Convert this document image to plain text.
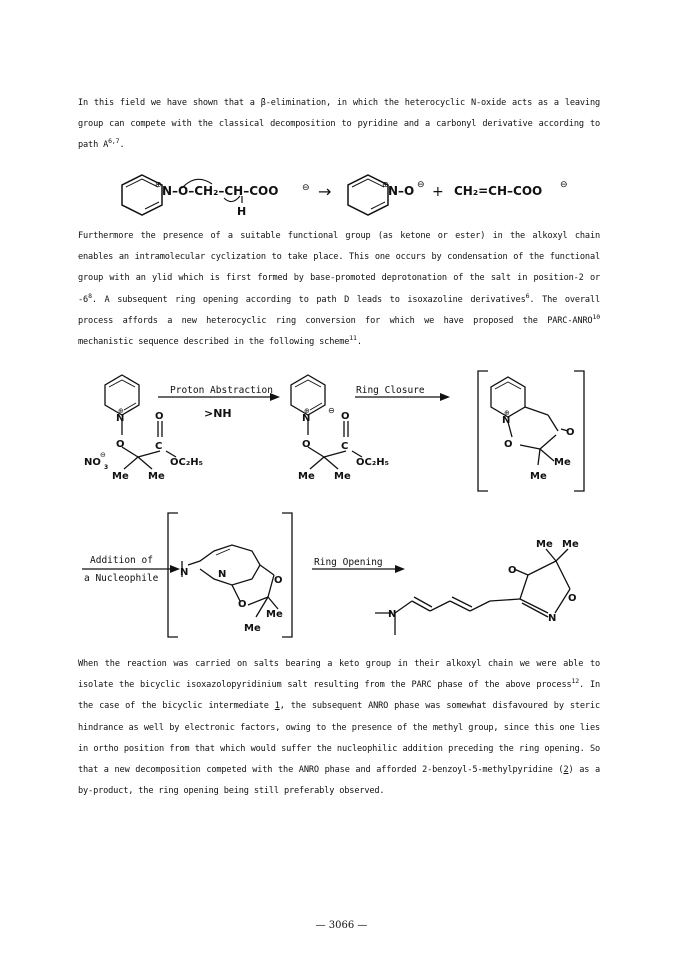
In this field we have shown that a β-elimination, in which the heterocyclic N-oxide acts as a leaving group can compete with the classical decomposition to pyridine and a carbonyl derivative according to path A$^{6,7}$.
N–O–CH₂–CH–COO
⊕	⊖
H
→	N–O
⊕	⊖ + CH₂=CH–COO ⊖
Furthermore the presence of a suitable functional group (as ketone or ester) in the alkoxyl chain enables an intramolecular cyclization to take place. This one occurs by condensation of the functional group with an ylid which is first formed by base-promoted deprotonation of the salt in position-2 or $-6^8$. A subsequent ring opening according to path D leads to isoxazoline derivatives$^6$. The overall process affords a new heterocyclic ring conversion for which we have proposed the PARC-ANRO$^{10}$ mechanistic sequence described in the following scheme$^{11}$.
Proton Abstraction
>NH
Ring Closure
Addition of
a Nucleophile
Ring Opening
N
⊕
O
O
C
OC₂H₅
NO 3
⊖
Me Me
N
⊕ ⊖
O
O
C
OC₂H₅
Me Me
N
⊕
O
O
Me
Me
N	N
O
O
Me
Me
N	N
O
O
Me Me
When the reaction was carried on salts bearing a keto group in their alkoxyl chain we were able to isolate the bicyclic isoxazolopyridinium salt resulting from the PARC phase of the above process$^{12}$. In the case of the bicyclic intermediate 1, the subsequent ANRO phase was somewhat disfavoured by steric hindrance as well by electronic factors, owing to the presence of the methyl group, since this one lies in ortho position from that which would suffer the nucleophilic addition preceding the ring opening. So that a new decomposition competed with the ANRO phase and afforded 2-benzoyl-5-methylpyridine (2) as a by-product, the ring opening being still preferably observed.
— 3066 —
